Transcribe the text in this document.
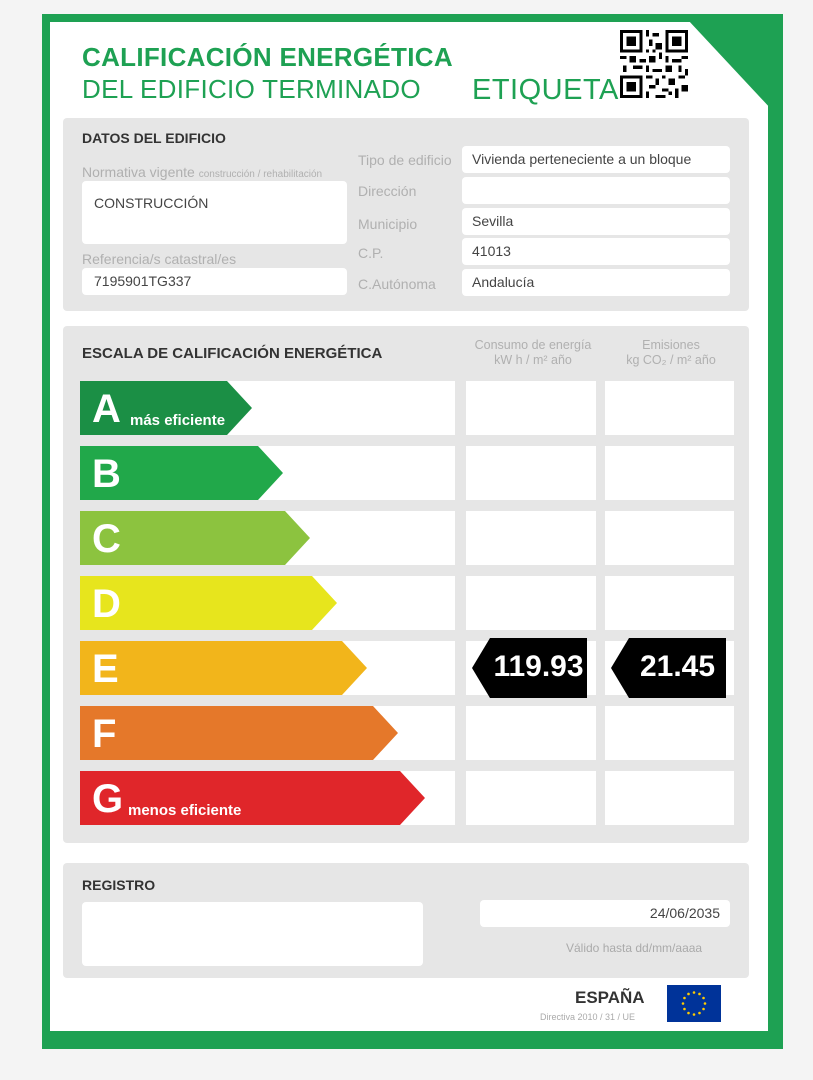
CALIFICACIÓN ENERGÉTICA
DEL EDIFICIO TERMINADO ETIQUETA
DATOS DEL EDIFICIO
Normativa vigente construcción / rehabilitación
CONSTRUCCIÓN
Referencia/s catastral/es
7195901TG337​
Tipo de edificio	Vivienda perteneciente a un bloque
Dirección
Municipio	Sevilla
C.P.	41013
C.Autónoma	Andalucía
ESCALA DE CALIFICACIÓN ENERGÉTICA	Consumo de energía
kW h / m² año
Emisiones
kg CO₂ / m² año
A más eficiente
B
C
D
E	119.93	21.45
F
G menos eficiente
REGISTRO
24/06/2035
Válido hasta dd/mm/aaaa
ESPAÑA
Directiva 2010 / 31 / UE
